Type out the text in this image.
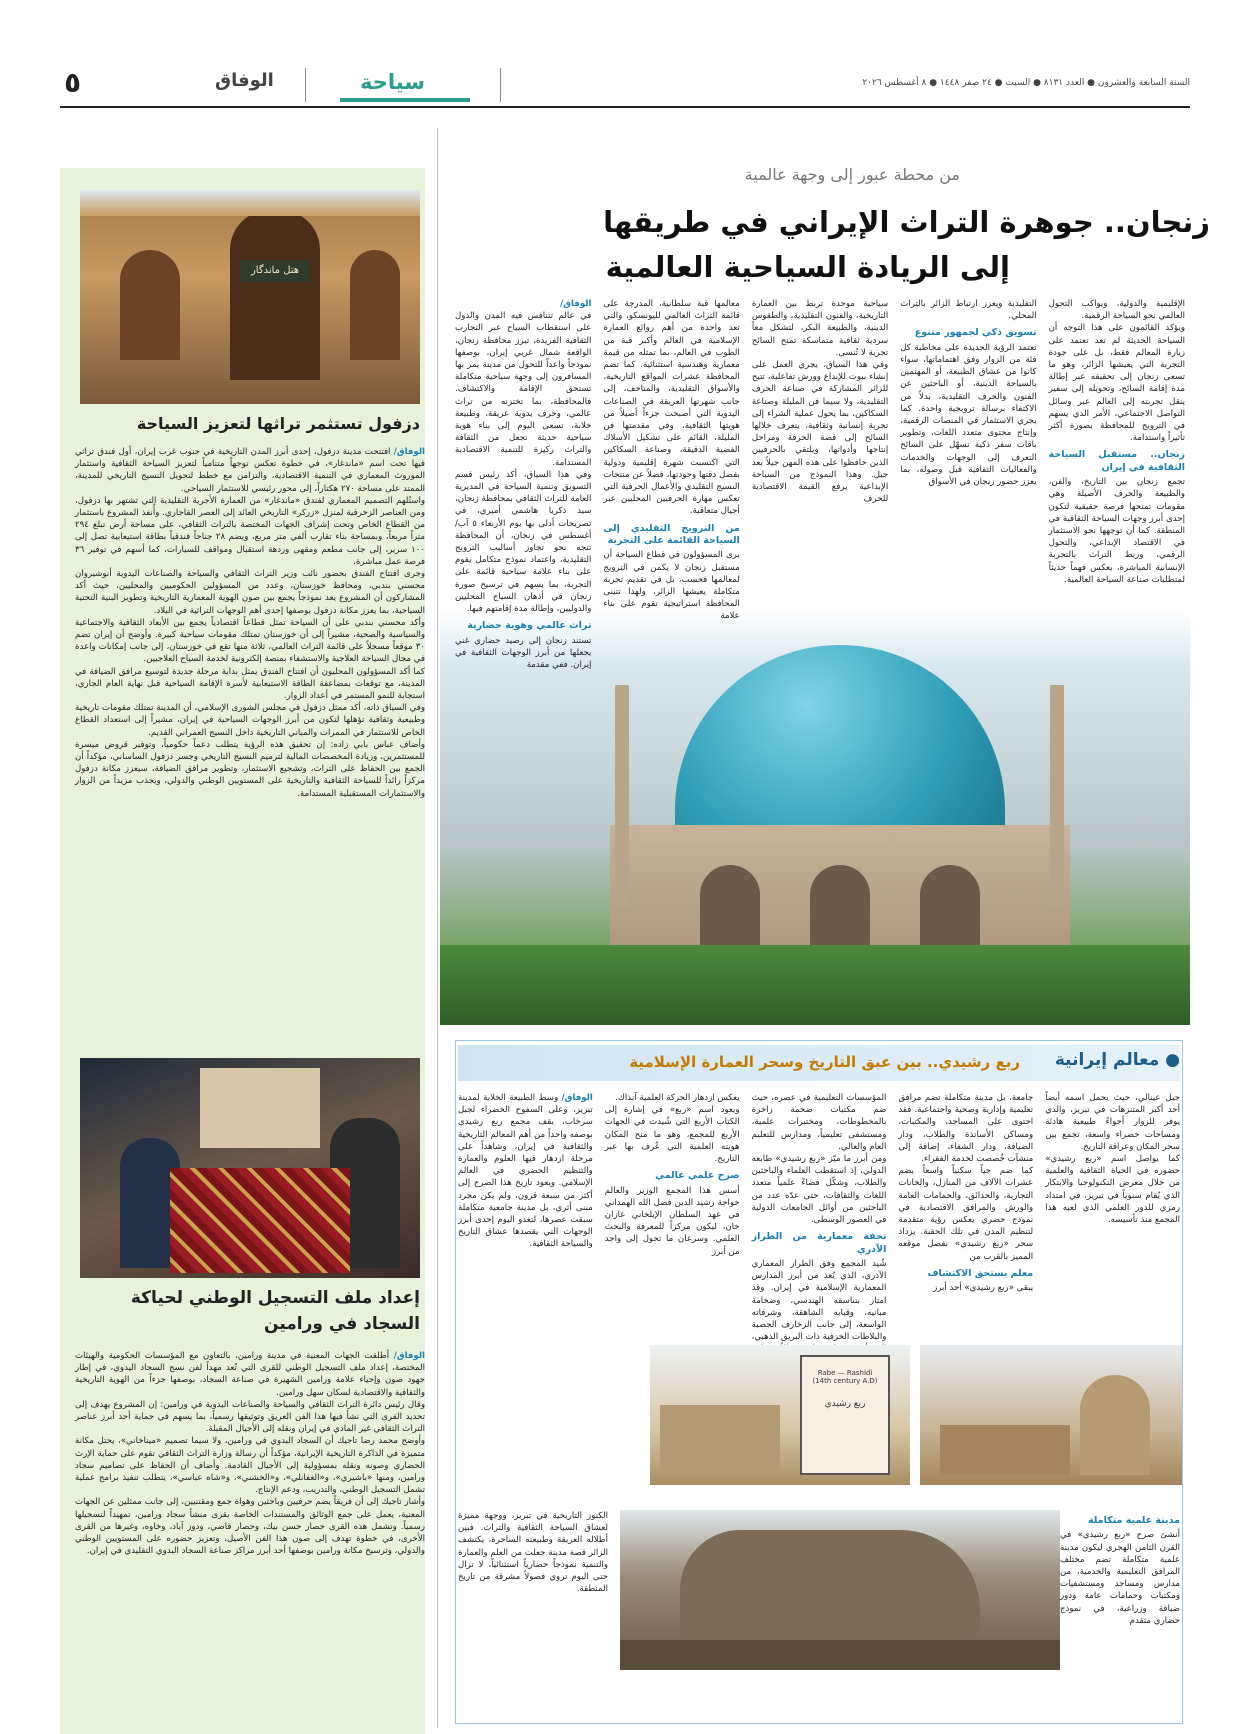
٥	الوفاق	سياحة	السنة السابعة والعشرون ● العدد ٨١٣١ ● السبت ● ٢٤ صفر ١٤٤٨ ● ٨ أغسطس ٢٠٢٦
هتل ماندگار
دزفول تستثمر تراثها لتعزيز السياحة

الوفاق/ افتتحت مدينة دزفول، إحدى أبرز المدن التاريخية في جنوب غرب إيران، أول فندق تراثي فيها تحت اسم «ماندغار»، في خطوة تعكس توجهاً متنامياً لتعزيز السياحة الثقافية واستثمار الموروث المعماري في التنمية الاقتصادية، والتزامن مع خطط لتحويل النسيج التاريخي للمدينة، الممتد على مساحة ٢٧٠ هكتاراً، إلى محور رئيسي للاستثمار السياحي.

واستُلهم التصميم المعماري لفندق «ماندغار» من العمارة الأجرية التقليدية التي تشتهر بها دزفول، ومن العناصر الزخرفية لمنزل «زركر» التاريخي العائد إلى العصر القاجاري. وأُنفذ المشروع باستثمار من القطاع الخاص وتحت إشراف الجهات المختصة بالتراث الثقافي، على مساحة أرض تبلغ ٢٩٤ متراً مربعاً، وبمساحة بناء تقارب ألفي متر مربع، ويضم ٢٨ جناحاً فندقياً بطاقة استيعابية تصل إلى ١٠٠ سرير، إلى جانب مطعم ومقهى وردهة استقبال ومواقف للسيارات، كما أسهم في توفير ٣٦ فرصة عمل مباشرة.

وجرى افتتاح الفندق بحضور نائب وزير التراث الثقافي والسياحة والصناعات اليدوية أنوشيروان محسني بندبي، ومحافظ خوزستان، وعدد من المسؤولين الحكوميين والمحليين، حيث أكد المشاركون أن المشروع يعد نموذجاً يجمع بين صون الهوية المعمارية التاريخية وتطوير البنية التحتية السياحية، بما يعزز مكانة دزفول بوصفها إحدى أهم الوجهات التراثية في البلاد.

وأكد محسني بندبي على أن السياحة تمثل قطاعاً اقتصادياً يجمع بين الأبعاد الثقافية والاجتماعية والسياسية والصحية، مشيراً إلى أن خوزستان تمتلك مقومات سياحية كبيرة. وأوضح أن إيران تضم ٣٠ موقعاً مسجلاً على قائمة التراث العالمي، ثلاثة منها تقع في خوزستان، إلى جانب إمكانات واعدة في مجال السياحة العلاجية والاستشفاء بمنصة إلكترونية لخدمة السياح العلاجيين.

كما أكد المسؤولون المحليون أن افتتاح الفندق يمثل بداية مرحلة جديدة لتوسيع مرافق الضيافة في المدينة، مع توقعات بمضاعفة الطاقة الاستيعابية لأسرة الإقامة السياحية قبل نهاية العام الجاري، استجابة للنمو المستمر في أعداد الزوار.

وفي السياق ذاته، أكد ممثل دزفول في مجلس الشورى الإسلامي، أن المدينة تمتلك مقومات تاريخية وطبيعية وثقافية تؤهلها لتكون من أبرز الوجهات السياحية في إيران، مشيراً إلى استعداد القطاع الخاص للاستثمار في الممرات والمباني التاريخية داخل النسيج العمراني القديم.

وأضاف عباس بابي زاده: إن تحقيق هذه الرؤية يتطلب دعماً حكومياً، وتوفير قروض ميسرة للمستثمرين، وزيادة المخصصات المالية لترميم النسيج التاريخي وجسر دزفول الساساني، مؤكداً أن الجمع بين الحفاظ على التراث، وتشجيع الاستثمار، وتطوير مرافق الضيافة، سيعزز مكانة دزفول مركزاً رائداً للسياحة الثقافية والتاريخية على المستويين الوطني والدولي، ويجذب مزيداً من الزوار والاستثمارات المستقبلية المستدامة.

إعداد ملف التسجيل الوطني لحياكة السجاد في ورامين

الوفاق/ أطلقت الجهات المعنية في مدينة ورامين، بالتعاون مع المؤسسات الحكومية والهيئات المختصة، إعداد ملف التسجيل الوطني للقرى التي تُعد مهداً لفن نسج السجاد اليدوي، في إطار جهود صون وإحياء علامة ورامين الشهيرة في صناعة السجاد، بوصفها جزءاً من الهوية التاريخية والثقافية والاقتصادية لسكان سهل ورامين.

وقال رئيس دائرة التراث الثقافي والسياحة والصناعات اليدوية في ورامين: إن المشروع يهدف إلى تحديد القرى التي نشأ فيها هذا الفن العريق وتوثيقها رسمياً، بما يسهم في حماية أحد أبرز عناصر التراث الثقافي غير المادي في إيران ونقله إلى الأجيال المقبلة.

وأوضح محمد رضا تاجيك أن السجاد البدوي في ورامين، ولا سيما تصميم «ميناخاني»، يحتل مكانة متميزة في الذاكرة التاريخية الإيرانية، مؤكداً أن رسالة وزارة التراث الثقافي تقوم على حماية الإرث الحضاري وصونه ونقله بمسؤولية إلى الأجيال القادمة. وأضاف أن الحفاظ على تصاميم سجاد ورامين، ومنها «باشيري»، و«الغفانلي»، و«الخشني»، و«شاه عباسي»، يتطلب تنفيذ برامج عملية تشمل التسجيل الوطني، والتدريب، ودعم الإنتاج.

وأشار تاجيك إلى أن فريقاً يضم حرفيين وباحثين وهواة جمع ومقتنيين، إلى جانب ممثلين عن الجهات المعنية، يعمل على جمع الوثائق والمستندات الخاصة بقرى منشأ سجاد ورامين، تمهيداً لتسجيلها رسمياً. وتشمل هذه القرى حصار حسن بيك، وحصار قاضي، ودوز آباد، وخاوه، وغيرها من القرى الأخرى، في خطوة تهدف إلى صون هذا الفن الأصيل، وتعزيز حضوره على المستويين الوطني والدولي، وترسيخ مكانة ورامين بوصفها أحد أبرز مراكز صناعة السجاد البدوي التقليدي في إيران.

من محطة عبور إلى وجهة عالمية
زنجان.. جوهرة التراث الإيراني في طريقها
إلى الريادة السياحية العالمية

الوفاق/
في عالم تتنافس فيه المدن والدول على استقطاب السياح عبر التجارب الثقافية الفريدة، تبرز محافظة زنجان، الواقعة شمال غربي إيران، بوصفها نموذجاً واعداً للتحول من مدينة يمر بها المسافرون إلى وجهة سياحية متكاملة تستحق الإقامة والاكتشاف. فالمحافظة، بما تختزنه من تراث عالمي، وحرف يدوية عريقة، وطبيعة خلابة، تسعى اليوم إلى بناء هوية سياحية حديثة تجعل من الثقافة والتراث ركيزة للتنمية الاقتصادية المستدامة.
وفي هذا السياق، أكد رئيس قسم التسويق وتنمية السياحة في المديرية العامة للتراث الثقافي بمحافظة زنجان، سيد ذكريا هاشمي أميري، في تصريحات أدلى بها يوم الأربعاء ٥ آب/أغسطس في زنجان، أن المحافظة تتجه نحو تجاوز أساليب الترويج التقليدية، واعتماد نموذج متكامل يقوم على بناء علامة سياحية قائمة على التجربة، بما يسهم في ترسيخ صورة زنجان في أذهان السياح المحليين والدوليين، وإطالة مدة إقامتهم فيها.
تراث عالمي وهوية حضارية
تستند زنجان إلى رصيد حضاري غني يجعلها من أبرز الوجهات الثقافية في إيران. ففي مقدمة

معالمها قبة سلطانية، المدرجة على قائمة التراث العالمي لليونسكو، والتي تعد واحدة من أهم روائع العمارة الإسلامية في العالم وأكبر قبة من الطوب في العالم، بما تمثله من قيمة معمارية وهندسية استثنائية. كما تضم المحافظة عشرات المواقع التاريخية، والأسواق التقليدية، والمتاحف، إلى جانب شهرتها العريقة في الصناعات اليدوية التي أصبحت جزءاً أصيلاً من هويتها الثقافية، وفي مقدمتها فن المليلة، القائم على تشكيل الأسلاك الفضية الدقيقة، وصناعة السكاكين التي اكتسبت شهرة إقليمية ودولية بفضل دقتها وجودتها، فضلاً عن منتجات النسيج التقليدي والأعمال الحرفية التي تعكس مهارة الحرفيين المحليين عبر أجيال متعاقبة.
من الترويج التقليدي إلى السياحة القائمة على التجربة
يرى المسؤولون في قطاع السياحة أن مستقبل زنجان لا يكمن في الترويج لمعالمها فحسب، بل في تقديم تجربة متكاملة يعيشها الزائر، ولهذا تتبنى المحافظة استراتيجية تقوم على بناء علامة

سياحية موحدة تربط بين العمارة التاريخية، والفنون التقليدية، والطقوس الدينية، والطبيعة البكر، لتشكل معاً سردية ثقافية متماسكة تمنح السائح تجربة لا تُنسى.
وفي هذا السياق، يجري العمل على إنشاء بيوت للإبداع وورش تفاعلية، تتيح للزائر المشاركة في صناعة الحرف التقليدية، ولا سيما فن المليلة وصناعة السكاكين، بما يحول عملية الشراء إلى تجربة إنسانية وثقافية، يتعرف خلالها السائح إلى قصة الحرفة ومراحل إنتاجها وأدواتها، ويلتقي بالحرفيين الذين حافظوا على هذه المهن جيلاً بعد جيل. وهذا النموذج من السياحة الإبداعية يرفع القيمة الاقتصادية للحرف

التقليدية ويعزز ارتباط الزائر بالتراث المحلي.
تسويق ذكي لجمهور متنوع
تعتمد الرؤية الجديدة على مخاطبة كل فئة من الزوار وفق اهتماماتها، سواء كانوا من عشاق الطبيعة، أو المهتمين بالسياحة الدينية، أو الباحثين عن الفنون والحرف التقليدية، بدلاً من الاكتفاء برسالة ترويجية واحدة. كما يجري الاستثمار في المنصات الرقمية، وإنتاج محتوى متعدد اللغات، وتطوير باقات سفر ذكية تسهّل على السائح التعرف إلى الوجهات والخدمات والفعاليات الثقافية قبل وصوله، بما يعزز حضور زنجان في الأسواق

الإقليمية والدولية، ويواكب التحول العالمي نحو السياحة الرقمية.
ويؤكد القائمون على هذا التوجه أن السياحة الحديثة لم تعد تعتمد على زيارة المعالم فقط، بل على جودة التجربة التي يعيشها الزائر، وهو ما تسعى زنجان إلى تحقيقه عبر إطالة مدة إقامة السائح، وتحويله إلى سفير ينقل تجربته إلى العالم عبر وسائل التواصل الاجتماعي، الأمر الذي يسهم في الترويج للمحافظة بصورة أكثر تأثيراً واستدامة.
زنجان.. مستقبل السياحة الثقافية في إيران
تجمع زنجان بين التاريخ، والفن، والطبيعة والحرف الأصيلة وهي مقومات تمنحها فرصة حقيقية لتكون إحدى أبرز وجهات السياحة الثقافية في المنطقة. كما أن توجهها نحو الاستثمار في الاقتصاد الإبداعي، والتحول الرقمي، وربط التراث بالتجربة الإنسانية المباشرة، يعكس فهماً حديثاً لمتطلبات صناعة السياحة العالمية.

ربع رشيدي.. بين عبق التاريخ وسحر العمارة الإسلامية	● معالم إيرانية

الوفاق/ وسط الطبيعة الخلابة لمدينة تبريز، وعلى السفوح الخضراء لجبل سرخاب، يقف مجمع ربع رشيدي بوصفه واحداً من أهم المعالم التاريخية والثقافية في إيران، وشاهداً على مرحلة ازدهار فيها العلوم والعمارة والتنظيم الحضري في العالم الإسلامي. ويعود تاريخ هذا الصرح إلى أكثر من سبعة قرون، ولم يكن مجرد مبنى أثري، بل مدينة جامعية متكاملة سبقت عصرها، لتغدو اليوم إحدى أبرز الوجهات التي يقصدها عشاق التاريخ والسياحة الثقافية.

يعكس ازدهار الحركة العلمية آنذاك.
ويعود اسم «ربع» في إشارة إلى الكتاب الأربع التي شُيدت في الجهات الأربع للمجمع، وهو ما منح المكان هويته العلمية التي عُرف بها عبر التاريخ.
صرح علمي عالمي
أسس هذا المجمع الوزير والعالم خواجة رشيد الدين فضل الله الهمداني في عهد السلطان الإيلخاني غازان خان، ليكون مركزاً للمعرفة والبحث العلمي. وسرعان ما تحول إلى واحد من أبرز

المؤسسات التعليمية في عصره، حيث ضم مكتبات ضخمة زاخرة بالمخطوطات، ومختبرات علمية، ومستشفى تعليمياً، ومدارس للتعليم العام والعالي.
ومن أبرز ما ميّز «ربع رشيدي» طابعه الدولي، إذ استقطب العلماء والباحثين والطلاب، وشكّل فضاءً علمياً متعدد اللغات والثقافات، حتى عدّه عدد من الباحثين من أوائل الجامعات الدولية في العصور الوسطى.
تحفة معمارية من الطراز الآذري
شُيد المجمع وفق الطراز المعماري الآذري، الذي يُعد من أبرز المدارس المعمارية الإسلامية في إيران. وقد امتاز بتناسقه الهندسي، وضخامة مبانيه، وقبابه الشاهقة، وشرفاته الواسعة، إلى جانب الزخارف الجصية والبلاطات الخزفية ذات البريق الذهبي،

جامعة، بل مدينة متكاملة تضم مرافق تعليمية وإدارية وصحية واجتماعية. فقد احتوى على المساجد، والمكتبات، ومساكن الأساتذة والطلاب، ودار الضيافة، ودار الشفاء، إضافة إلى منشآت خُصصت لخدمة الفقراء.
كما ضم حياً سكنياً واسعاً يضم عشرات الآلاف من المنازل، والخانات التجارية، والحدائق، والحمامات العامة والورش والمرافق الاقتصادية في نموذج حضري يعكس رؤية متقدمة لتنظيم المدن في تلك الحقبة. يزداد سحر «ربع رشيدي» بفضل موقعه المميز بالقرب من
معلم يستحق الاكتشاف
يبقى «ربع رشيدي» أحد أبرز

جبل عينالي، حيث يحمل اسمه أيضاً أحد أكبر المتنزهات في تبريز، والذي يوفر للزوار أجواءً طبيعية هادئة ومساحات خضراء واسعة، تجمع بين سحر المكان وعراقة التاريخ.
كما يواصل اسم «ربع رشيدي» حضوره في الحياة الثقافية والعلمية من خلال معرض التكنولوجيا والابتكار الذي يُقام سنوياً في تبريز، في امتداد رمزي للدور العلمي الذي لعبه هذا المجمع منذ تأسيسه.

Rabe — Rashidi
(14th century A.D)

ربع رشيدي

مدينة علمية متكاملة

أنشئ صرح «ربع رشيدي» في القرن الثامن الهجري ليكون مدينة علمية متكاملة تضم مختلف المرافق التعليمية والخدمية، من مدارس ومساجد ومستشفيات ومكتبات وحمامات عامة ودور ضيافة وزراعية، في نموذج حضاري متقدم

الكنوز التاريخية في تبريز، ووجهة مميزة لعشاق السياحة الثقافية والتراث. فبين أطلاله العريقة وطبيعته الساحرة، يكتشف الزائر قصة مدينة جعلت من العلم والعمارة والتنمية نموذجاً حضارياً استثنائياً، لا تزال حتى اليوم تروي فصولاً مشرقة من تاريخ المنطقة.
